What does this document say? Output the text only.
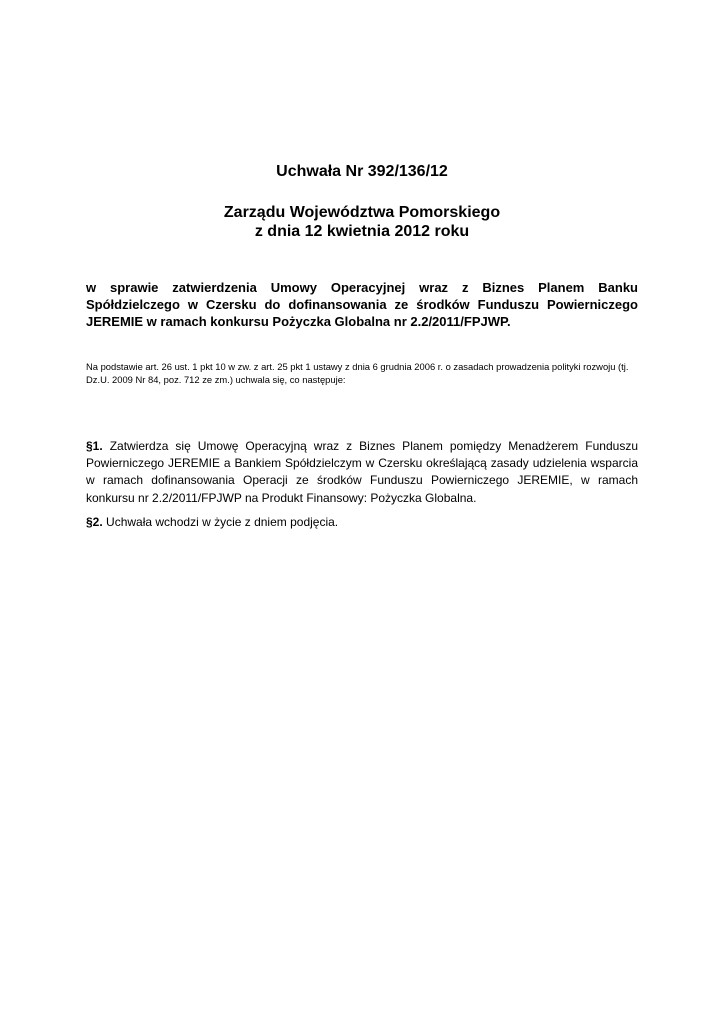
Uchwała Nr 392/136/12
Zarządu Województwa Pomorskiego
z dnia 12 kwietnia 2012 roku

w sprawie zatwierdzenia Umowy Operacyjnej wraz z Biznes Planem Banku Spółdzielczego w Czersku do dofinansowania ze środków Funduszu Powierniczego JEREMIE w ramach konkursu Pożyczka Globalna nr 2.2/2011/FPJWP.

Na podstawie art. 26 ust. 1 pkt 10 w zw. z art. 25 pkt 1 ustawy z dnia 6 grudnia 2006 r. o zasadach prowadzenia polityki rozwoju (tj. Dz.U. 2009 Nr 84, poz. 712 ze zm.) uchwala się, co następuje:

§1. Zatwierdza się Umowę Operacyjną wraz z Biznes Planem pomiędzy Menadżerem Funduszu Powierniczego JEREMIE a Bankiem Spółdzielczym w Czersku określającą zasady udzielenia wsparcia w ramach dofinansowania Operacji ze środków Funduszu Powierniczego JEREMIE, w ramach konkursu nr 2.2/2011/FPJWP na Produkt Finansowy: Pożyczka Globalna.

§2. Uchwała wchodzi w życie z dniem podjęcia.
